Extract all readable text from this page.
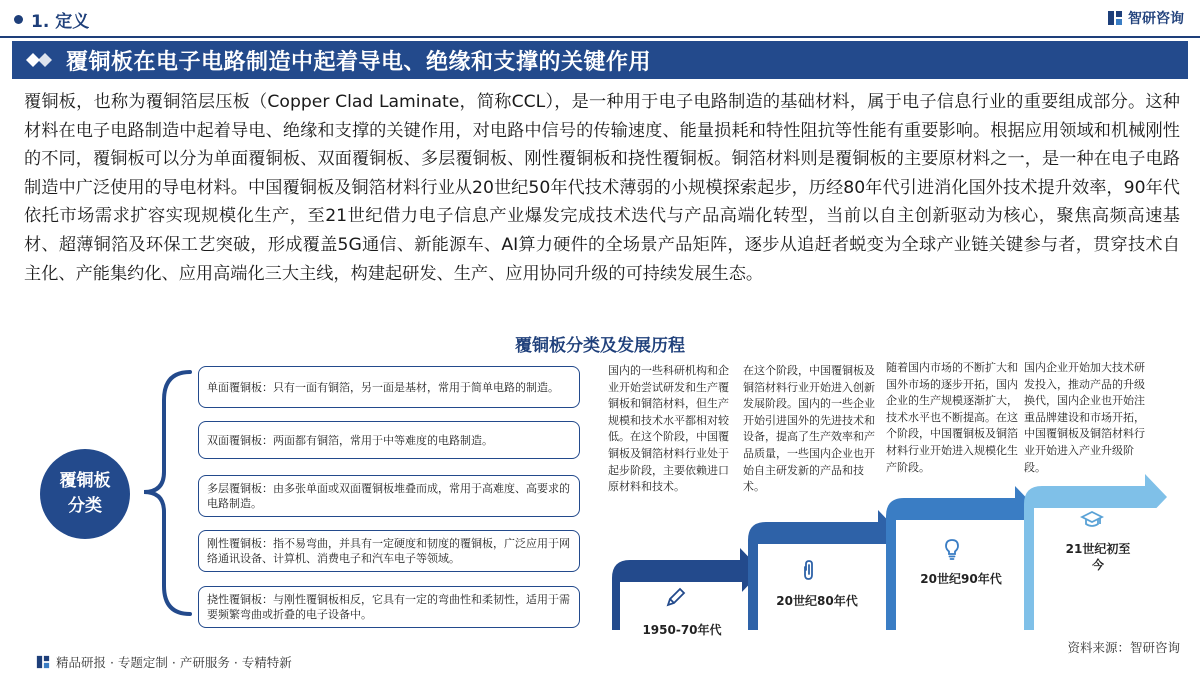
1. 定义	智研咨询
覆铜板在电子电路制造中起着导电、绝缘和支撑的关键作用
覆铜板，也称为覆铜箔层压板（Copper Clad Laminate，简称CCL），是一种用于电子电路制造的基础材料，属于电子信息行业的重要组成部分。这种材料在电子电路制造中起着导电、绝缘和支撑的关键作用，对电路中信号的传输速度、能量损耗和特性阻抗等性能有重要影响。根据应用领域和机械刚性的不同，覆铜板可以分为单面覆铜板、双面覆铜板、多层覆铜板、刚性覆铜板和挠性覆铜板。铜箔材料则是覆铜板的主要原材料之一，是一种在电子电路制造中广泛使用的导电材料。中国覆铜板及铜箔材料行业从20世纪50年代技术薄弱的小规模探索起步，历经80年代引进消化国外技术提升效率，90年代依托市场需求扩容实现规模化生产，至21世纪借力电子信息产业爆发完成技术迭代与产品高端化转型，当前以自主创新驱动为核心，聚焦高频高速基材、超薄铜箔及环保工艺突破，形成覆盖5G通信、新能源车、AI算力硬件的全场景产品矩阵，逐步从追赶者蜕变为全球产业链关键参与者，贯穿技术自主化、产能集约化、应用高端化三大主线，构建起研发、生产、应用协同升级的可持续发展生态。
覆铜板分类及发展历程
覆铜板
分类
单面覆铜板：只有一面有铜箔，另一面是基材，常用于简单电路的制造。
双面覆铜板：两面都有铜箔，常用于中等难度的电路制造。
多层覆铜板：由多张单面或双面覆铜板堆叠而成，常用于高难度、高要求的电路制造。
刚性覆铜板：指不易弯曲，并具有一定硬度和韧度的覆铜板，广泛应用于网络通讯设备、计算机、消费电子和汽车电子等领域。
挠性覆铜板：与刚性覆铜板相反，它具有一定的弯曲性和柔韧性，适用于需要频繁弯曲或折叠的电子设备中。
国内的一些科研机构和企业开始尝试研发和生产覆铜板和铜箔材料，但生产规模和技术水平都相对较低。在这个阶段，中国覆铜板及铜箔材料行业处于起步阶段，主要依赖进口原材料和技术。
在这个阶段，中国覆铜板及铜箔材料行业开始进入创新发展阶段。国内的一些企业开始引进国外的先进技术和设备，提高了生产效率和产品质量，一些国内企业也开始自主研发新的产品和技术。
随着国内市场的不断扩大和国外市场的逐步开拓，国内企业的生产规模逐渐扩大，技术水平也不断提高。在这个阶段，中国覆铜板及铜箔材料行业开始进入规模化生产阶段。
国内企业开始加大技术研发投入，推动产品的升级换代，国内企业也开始注重品牌建设和市场开拓，中国覆铜板及铜箔材料行业开始进入产业升级阶段。
1950-70年代
20世纪80年代
20世纪90年代
21世纪初至今
精品研报 · 专题定制 · 产研服务 · 专精特新
资料来源：智研咨询
